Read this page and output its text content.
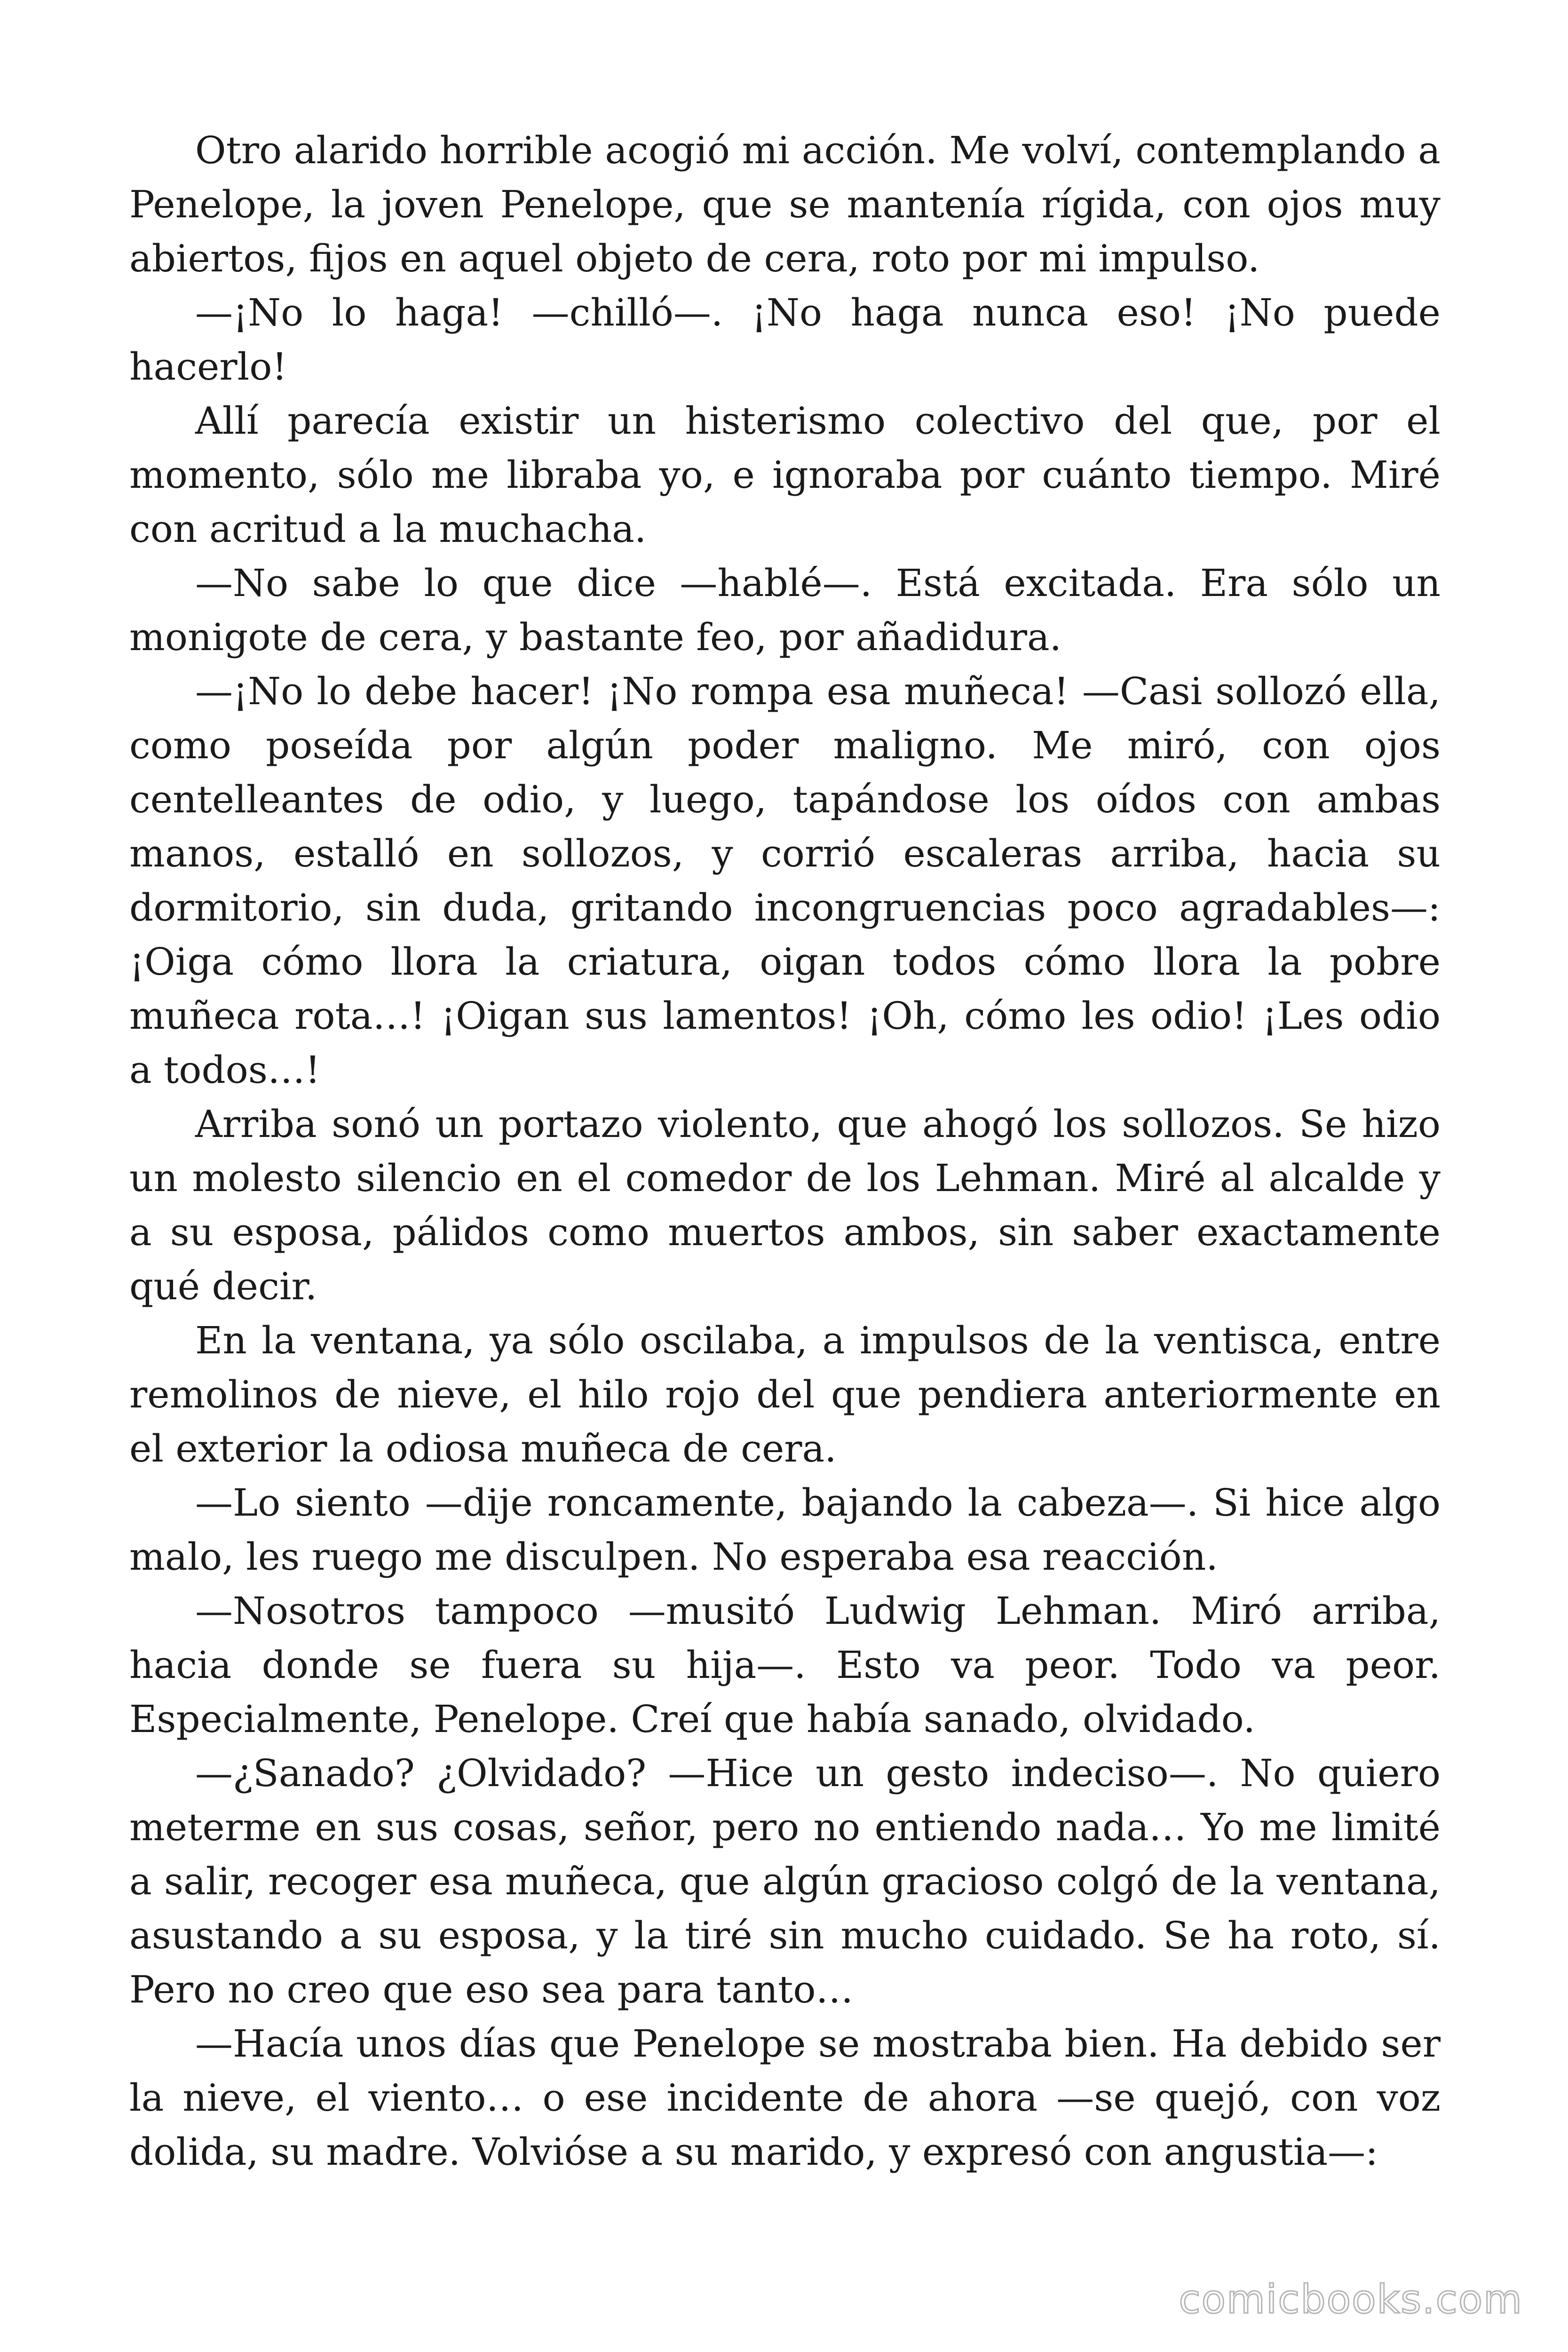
Otro alarido horrible acogió mi acción. Me volví, contemplando a Penelope, la joven Penelope, que se mantenía rígida, con ojos muy abiertos, fijos en aquel objeto de cera, roto por mi impulso.

—¡No lo haga! —chilló—. ¡No haga nunca eso! ¡No puede hacerlo!

Allí parecía existir un histerismo colectivo del que, por el momento, sólo me libraba yo, e ignoraba por cuánto tiempo. Miré con acritud a la muchacha.

—No sabe lo que dice —hablé—. Está excitada. Era sólo un monigote de cera, y bastante feo, por añadidura.

—¡No lo debe hacer! ¡No rompa esa muñeca! —Casi sollozó ella, como poseída por algún poder maligno. Me miró, con ojos centelleantes de odio, y luego, tapándose los oídos con ambas manos, estalló en sollozos, y corrió escaleras arriba, hacia su dormitorio, sin duda, gritando incongruencias poco agradables—: ¡Oiga cómo llora la criatura, oigan todos cómo llora la pobre muñeca rota…! ¡Oigan sus lamentos! ¡Oh, cómo les odio! ¡Les odio a todos…!

Arriba sonó un portazo violento, que ahogó los sollozos. Se hizo un molesto silencio en el comedor de los Lehman. Miré al alcalde y a su esposa, pálidos como muertos ambos, sin saber exactamente qué decir.

En la ventana, ya sólo oscilaba, a impulsos de la ventisca, entre remolinos de nieve, el hilo rojo del que pendiera anteriormente en el exterior la odiosa muñeca de cera.

—Lo siento —dije roncamente, bajando la cabeza—. Si hice algo malo, les ruego me disculpen. No esperaba esa reacción.

—Nosotros tampoco —musitó Ludwig Lehman. Miró arriba, hacia donde se fuera su hija—. Esto va peor. Todo va peor. Especialmente, Penelope. Creí que había sanado, olvidado.

—¿Sanado? ¿Olvidado? —Hice un gesto indeciso—. No quiero meterme en sus cosas, señor, pero no entiendo nada… Yo me limité a salir, recoger esa muñeca, que algún gracioso colgó de la ventana, asustando a su esposa, y la tiré sin mucho cuidado. Se ha roto, sí. Pero no creo que eso sea para tanto…

—Hacía unos días que Penelope se mostraba bien. Ha debido ser la nieve, el viento… o ese incidente de ahora —se quejó, con voz dolida, su madre. Volvióse a su marido, y expresó con angustia—:

comicbooks.com
